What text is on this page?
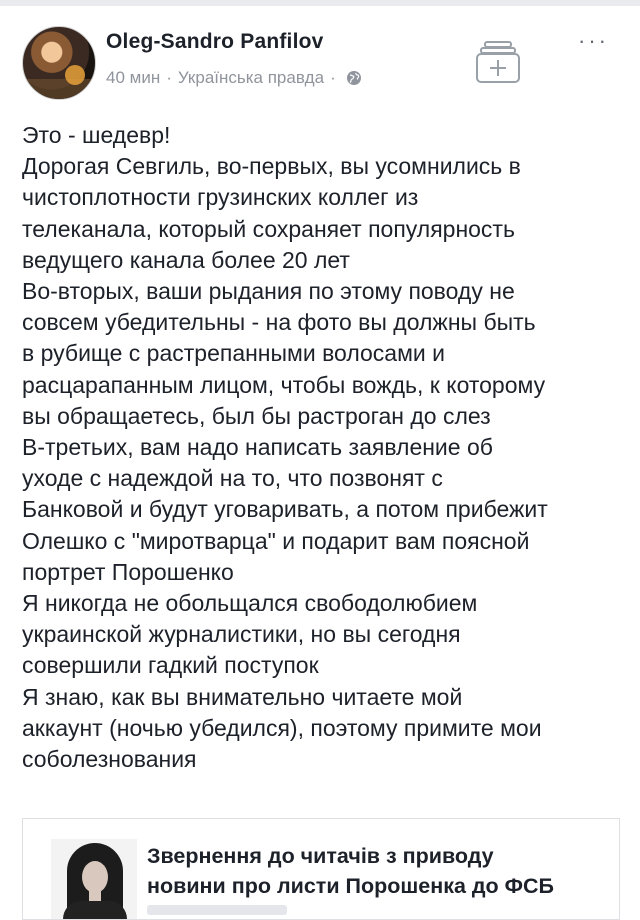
Oleg-Sandro Panfilov
40 мин · Українська правда ·
···
Это - шедевр!
Дорогая Севгиль, во-первых, вы усомнились в
чистоплотности грузинских коллег из
телеканала, который сохраняет популярность
ведущего канала более 20 лет
Во-вторых, ваши рыдания по этому поводу не
совсем убедительны - на фото вы должны быть
в рубище с растрепанными волосами и
расцарапанным лицом, чтобы вождь, к которому
вы обращаетесь, был бы растроган до слез
В-третьих, вам надо написать заявление об
уходе с надеждой на то, что позвонят с
Банковой и будут уговаривать, а потом прибежит
Олешко с "миротварца" и подарит вам поясной
портрет Порошенко
Я никогда не обольщался свободолюбием
украинской журналистики, но вы сегодня
совершили гадкий поступок
Я знаю, как вы внимательно читаете мой
аккаунт (ночью убедился), поэтому примите мои
соболезнования
Звернення до читачів з приводу
новини про листи Порошенка до ФСБ
